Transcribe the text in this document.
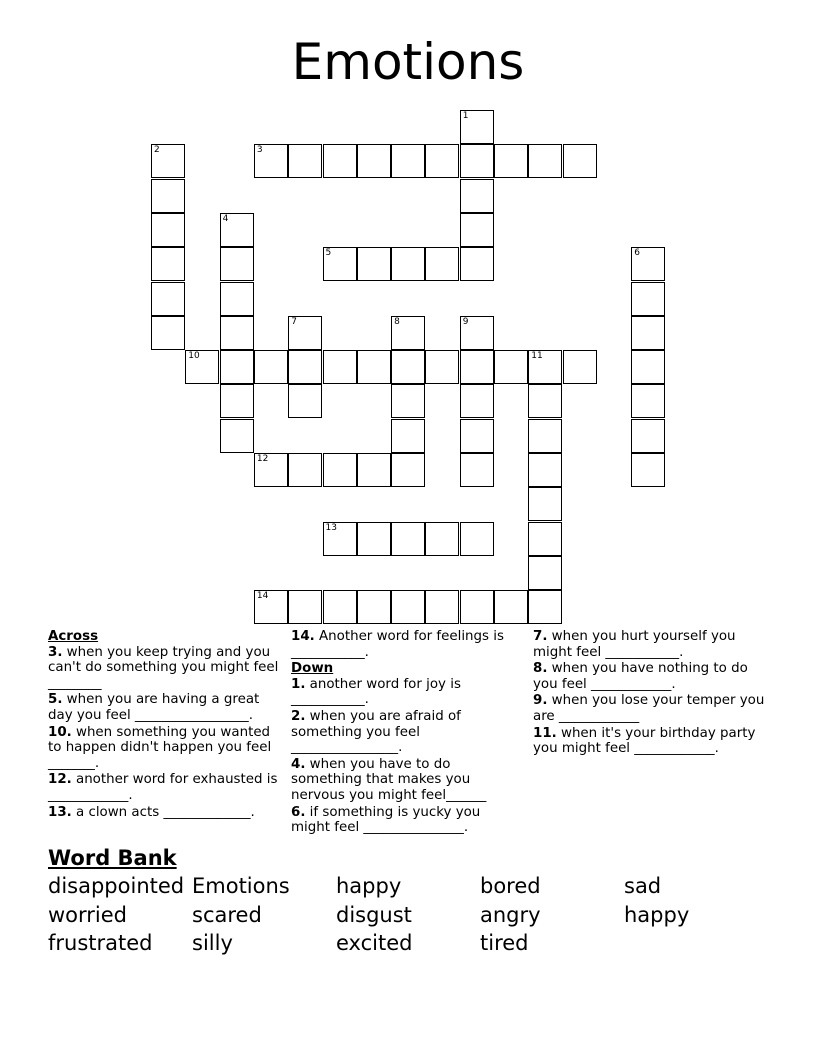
Emotions
1
2	3
4
5	6
7	8	9
10	11
12
13
14
Across
3. when you keep trying and you can't do something you might feel ________
5. when you are having a great day you feel _________________.
10. when something you wanted to happen didn't happen you feel _______.
12. another word for exhausted is ____________.
13. a clown acts _____________.
14. Another word for feelings is ___________.
Down
1. another word for joy is ___________.
2. when you are afraid of something you feel ________________.
4. when you have to do something that makes you nervous you might feel______
6. if something is yucky you might feel _______________.
7. when you hurt yourself you might feel ___________.
8. when you have nothing to do you feel ____________.
9. when you lose your temper you are ____________
11. when it's your birthday party you might feel ____________.
Word Bank
disappointed Emotions happy	bored	sad
worried	scared	disgust	angry	happy
frustrated silly	excited	tired
